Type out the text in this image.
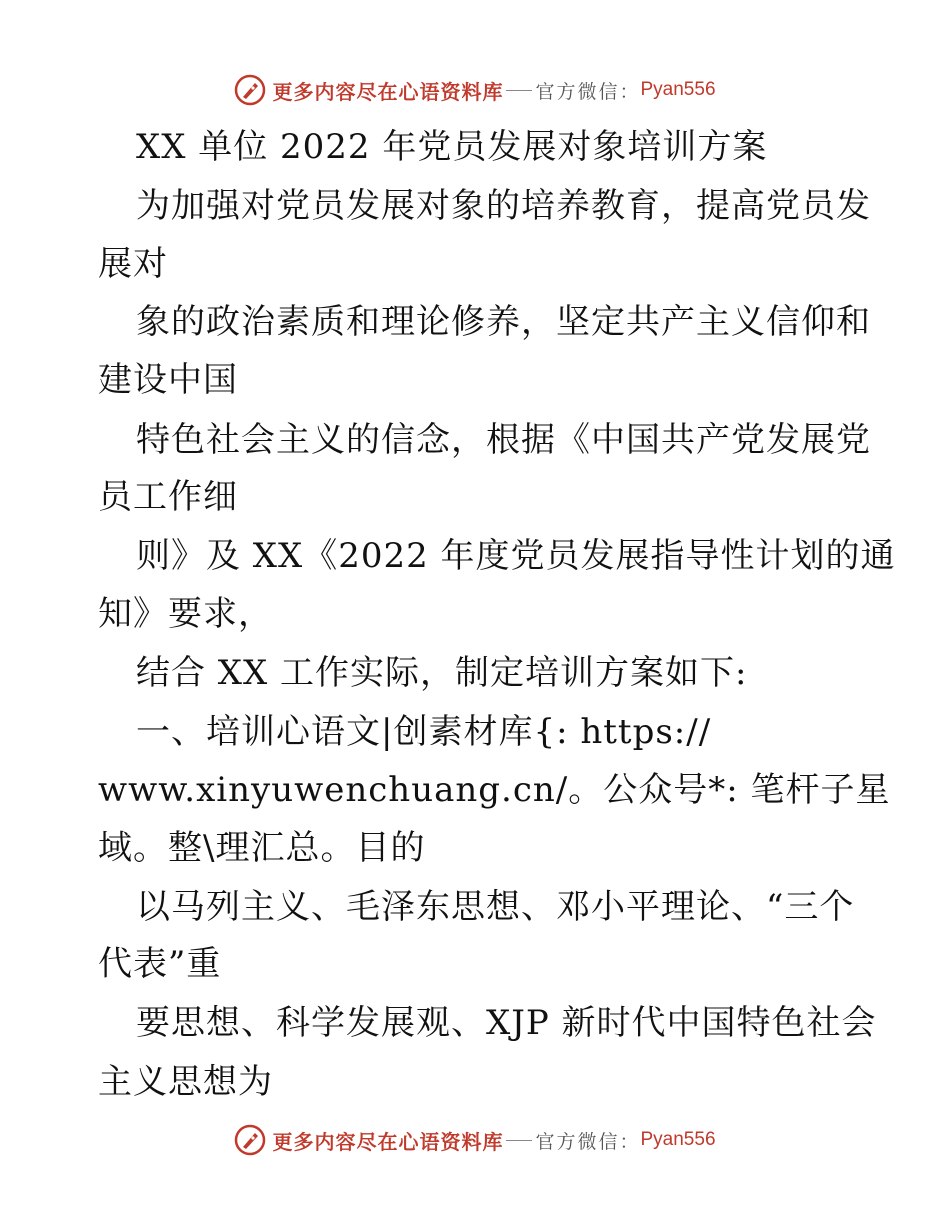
更多内容尽在心语资料库 官方微信： Pyan556
XX 单位 2022 年党员发展对象培训方案
为加强对党员发展对象的培养教育，提高党员发
展对
象的政治素质和理论修养，坚定共产主义信仰和
建设中国
特色社会主义的信念，根据《中国共产党发展党
员工作细
则》及 XX《2022 年度党员发展指导性计划的通
知》要求，
结合 XX 工作实际，制定培训方案如下:
一、培训心语文|创素材库{: https://
www.xinyuwenchuang.cn/。公众号*: 笔杆子星
域。整\理汇总。目的
以马列主义、毛泽东思想、邓小平理论、“三个
代表”重
要思想、科学发展观、XJP 新时代中国特色社会
主义思想为
更多内容尽在心语资料库 官方微信： Pyan556
